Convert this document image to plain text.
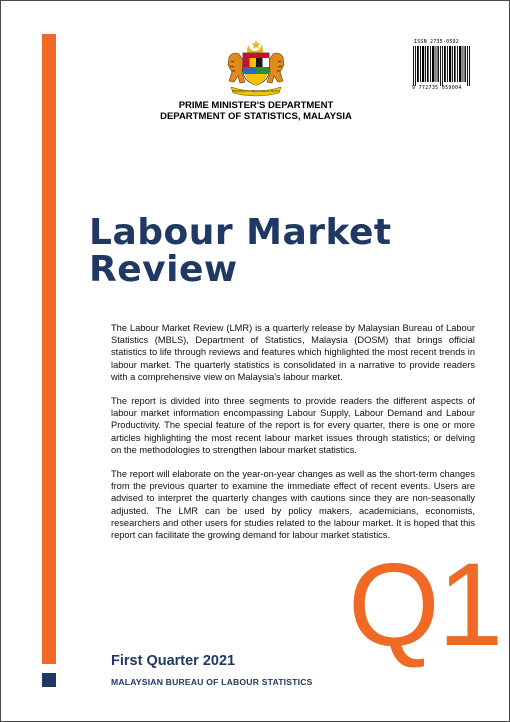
BERSEKUTU BERTAMBAH MUTU
ISSN 2735-0592
9 772735 059004
PRIME MINISTER'S DEPARTMENT
DEPARTMENT OF STATISTICS, MALAYSIA
Labour Market
Review

The Labour Market Review (LMR) is a quarterly release by Malaysian Bureau of Labour Statistics (MBLS), Department of Statistics, Malaysia (DOSM) that brings official statistics to life through reviews and features which highlighted the most recent trends in labour market. The quarterly statistics is consolidated in a narrative to provide readers with a comprehensive view on Malaysia's labour market.

The report is divided into three segments to provide readers the different aspects of labour market information encompassing Labour Supply, Labour Demand and Labour Productivity. The special feature of the report is for every quarter, there is one or more articles highlighting the most recent labour market issues through statistics; or delving on the methodologies to strengthen labour market statistics.

The report will elaborate on the year-on-year changes as well as the short-term changes from the previous quarter to examine the immediate effect of recent events. Users are advised to interpret the quarterly changes with cautions since they are non-seasonally adjusted. The LMR can be used by policy makers, academicians, economists, researchers and other users for studies related to the labour market. It is hoped that this report can facilitate the growing demand for labour market statistics.

Q1
First Quarter 2021
MALAYSIAN BUREAU OF LABOUR STATISTICS
